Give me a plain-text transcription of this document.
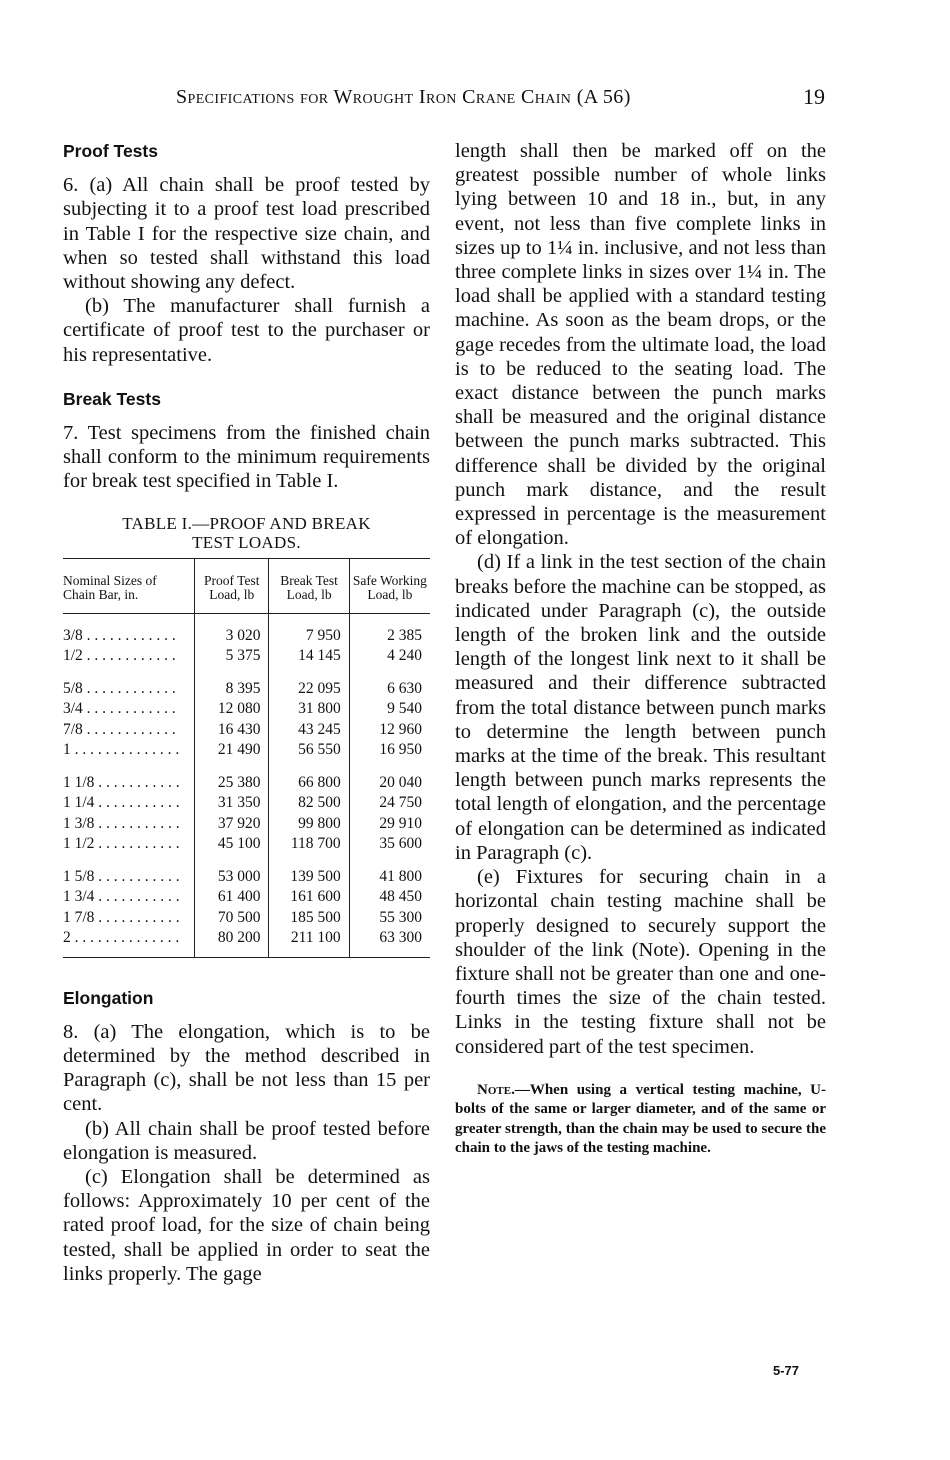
Specifications for Wrought Iron Crane Chain (A 56)	19
Proof Tests

6. (a) All chain shall be proof tested by subjecting it to a proof test load prescribed in Table I for the respective size chain, and when so tested shall withstand this load without showing any defect.

(b) The manufacturer shall furnish a certificate of proof test to the purchaser or his representative.

Break Tests

7. Test specimens from the finished chain shall conform to the minimum requirements for break test specified in Table I.

TABLE I.—PROOF AND BREAK
TEST LOADS.
Nominal Sizes of Chain Bar, in.	Proof Test Load, lb	Break Test Load, lb	Safe Working Load, lb
3/8 . . . . . . . . . . . .	3 020	7 950	2 385
1/2 . . . . . . . . . . . .	5 375	14 145	4 240
5/8 . . . . . . . . . . . .	8 395	22 095	6 630
3/4 . . . . . . . . . . . .	12 080	31 800	9 540
7/8 . . . . . . . . . . . .	16 430	43 245	12 960
1 . . . . . . . . . . . . . .	21 490	56 550	16 950
1 1/8 . . . . . . . . . . .	25 380	66 800	20 040
1 1/4 . . . . . . . . . . .	31 350	82 500	24 750
1 3/8 . . . . . . . . . . .	37 920	99 800	29 910
1 1/2 . . . . . . . . . . .	45 100	118 700	35 600
1 5/8 . . . . . . . . . . .	53 000	139 500	41 800
1 3/4 . . . . . . . . . . .	61 400	161 600	48 450
1 7/8 . . . . . . . . . . .	70 500	185 500	55 300
2 . . . . . . . . . . . . . .	80 200	211 100	63 300
Elongation

8. (a) The elongation, which is to be determined by the method described in Paragraph (c), shall be not less than 15 per cent.

(b) All chain shall be proof tested before elongation is measured.

(c) Elongation shall be determined as follows: Approximately 10 per cent of the rated proof load, for the size of chain being tested, shall be applied in order to seat the links properly. The gage

length shall then be marked off on the greatest possible number of whole links lying between 10 and 18 in., but, in any event, not less than five complete links in sizes up to 1¼ in. inclusive, and not less than three complete links in sizes over 1¼ in. The load shall be applied with a standard testing machine. As soon as the beam drops, or the gage recedes from the ultimate load, the load is to be reduced to the seating load. The exact distance between the punch marks shall be measured and the original distance between the punch marks subtracted. This difference shall be divided by the original punch mark distance, and the result expressed in percentage is the measurement of elongation.

(d) If a link in the test section of the chain breaks before the machine can be stopped, as indicated under Paragraph (c), the outside length of the broken link and the outside length of the longest link next to it shall be measured and their difference subtracted from the total distance between punch marks to determine the length between punch marks at the time of the break. This resultant length between punch marks represents the total length of elongation, and the percentage of elongation can be determined as indicated in Paragraph (c).

(e) Fixtures for securing chain in a horizontal chain testing machine shall be properly designed to securely support the shoulder of the link (Note). Opening in the fixture shall not be greater than one and one-fourth times the size of the chain tested. Links in the testing fixture shall not be considered part of the test specimen.

Note.—When using a vertical testing machine, U-bolts of the same or larger diameter, and of the same or greater strength, than the chain may be used to secure the chain to the jaws of the testing machine.

5-77
